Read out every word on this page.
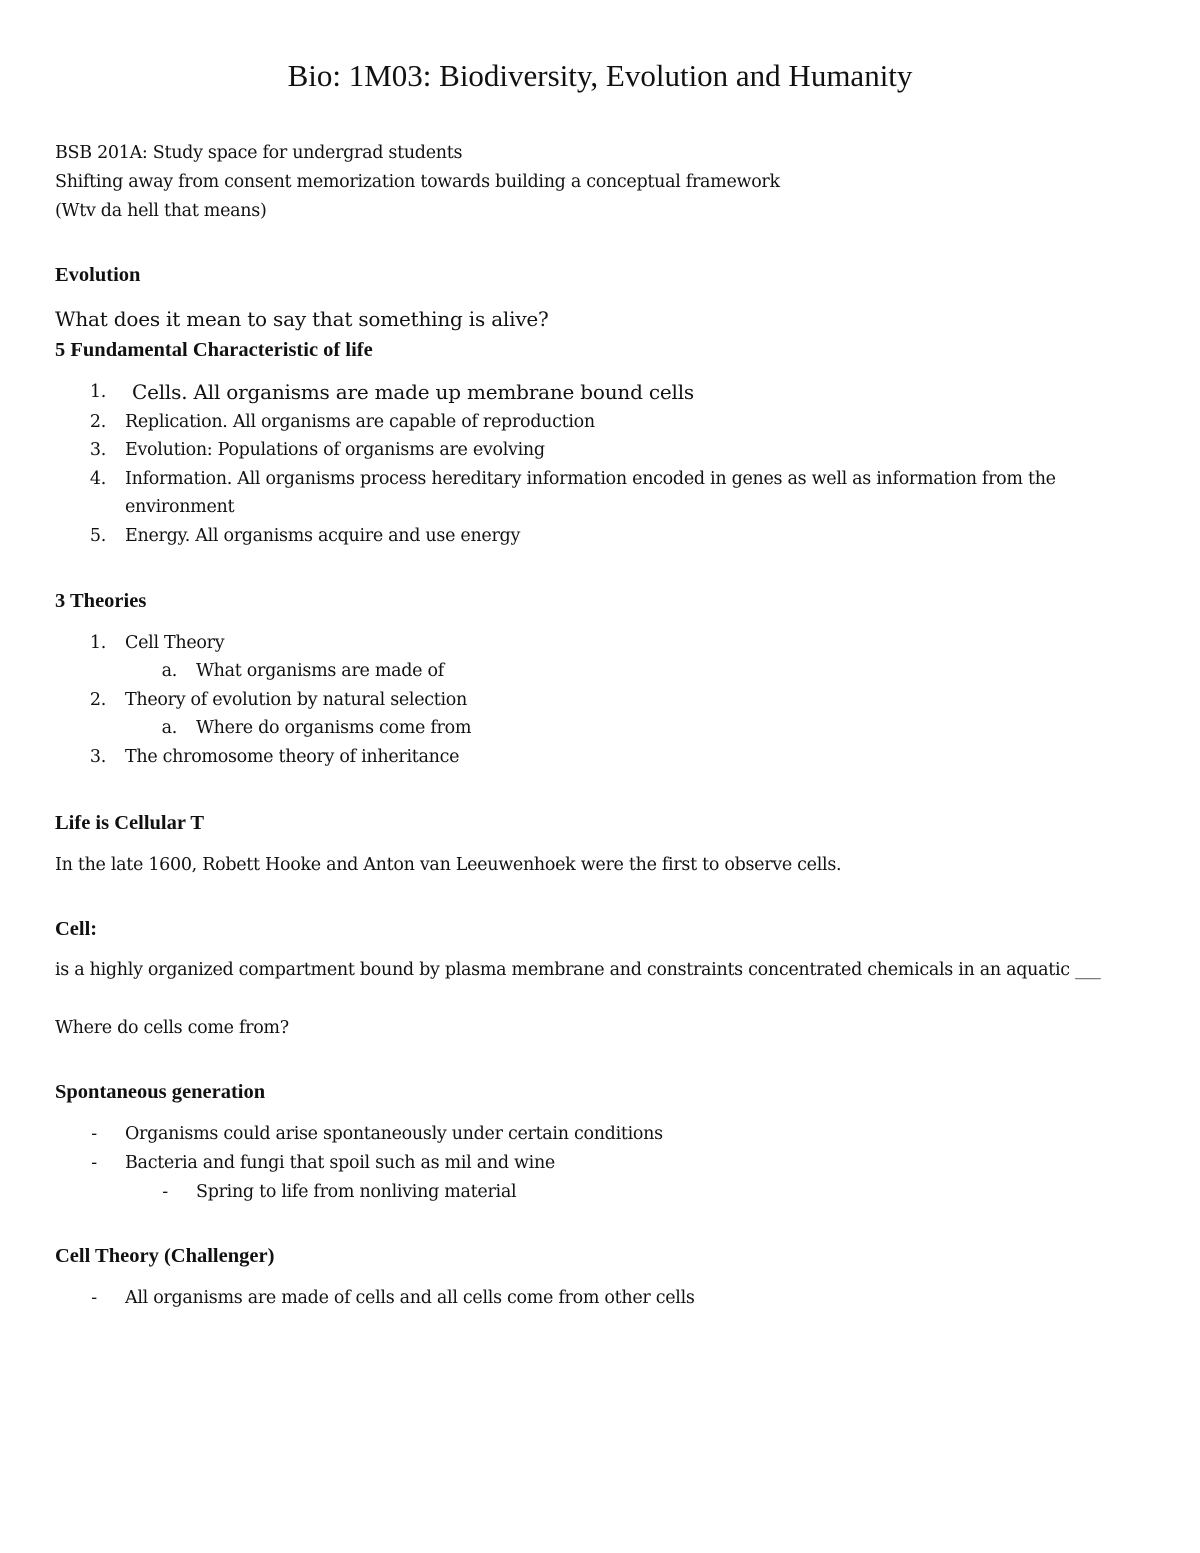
Bio: 1M03: Biodiversity, Evolution and Humanity
BSB 201A: Study space for undergrad students
Shifting away from consent memorization towards building a conceptual framework
(Wtv da hell that means)
Evolution
What does it mean to say that something is alive?
5 Fundamental Characteristic of life
1. Cells. All organisms are made up membrane bound cells
2. Replication. All organisms are capable of reproduction
3. Evolution: Populations of organisms are evolving
4. Information. All organisms process hereditary information encoded in genes as well as information from the
environment
5. Energy. All organisms acquire and use energy
3 Theories
1. Cell Theory
a. What organisms are made of
2. Theory of evolution by natural selection
a. Where do organisms come from
3. The chromosome theory of inheritance
Life is Cellular T
In the late 1600, Robett Hooke and Anton van Leeuwenhoek were the first to observe cells.
Cell:
is a highly organized compartment bound by plasma membrane and constraints concentrated chemicals in an aquatic ___
Where do cells come from?
Spontaneous generation
- Organisms could arise spontaneously under certain conditions
- Bacteria and fungi that spoil such as mil and wine
- Spring to life from nonliving material
Cell Theory (Challenger)
- All organisms are made of cells and all cells come from other cells
